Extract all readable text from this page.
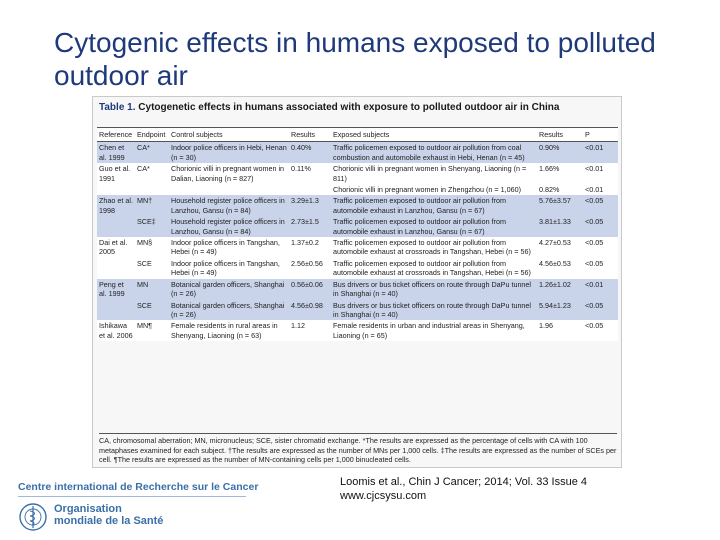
Cytogenic effects in humans exposed to polluted
outdoor air
Table 1. Cytogenetic effects in humans associated with exposure to polluted outdoor air in China
Reference	Endpoint	Control subjects	Results	Exposed subjects	Results	P
Chen et al. 1999	CA*	Indoor police officers in Hebi, Henan (n = 30)	0.40%	Traffic policemen exposed to outdoor air pollution from coal combustion and automobile exhaust in Hebi, Henan (n = 45)	0.90%	<0.01
Guo et al. 1991	CA*	Chorionic villi in pregnant women in Dalian, Liaoning (n = 827)	0.11%	Chorionic villi in pregnant women in Shenyang, Liaoning (n = 811)	1.66%	<0.01
				Chorionic villi in pregnant women in Zhengzhou (n = 1,060)	0.82%	<0.01
Zhao et al. 1998	MN†	Household register police officers in Lanzhou, Gansu (n = 84)	3.29±1.3	Traffic policemen exposed to outdoor air pollution from automobile exhaust in Lanzhou, Gansu (n = 67)	5.76±3.57	<0.05
	SCE‡	Household register police officers in Lanzhou, Gansu (n = 84)	2.73±1.5	Traffic policemen exposed to outdoor air pollution from automobile exhaust in Lanzhou, Gansu (n = 67)	3.81±1.33	<0.05
Dai et al. 2005	MN§	Indoor police officers in Tangshan, Hebei (n = 49)	1.37±0.2	Traffic policemen exposed to outdoor air pollution from automobile exhaust at crossroads in Tangshan, Hebei (n = 56)	4.27±0.53	<0.05
	SCE	Indoor police officers in Tangshan, Hebei (n = 49)	2.56±0.56	Traffic policemen exposed to outdoor air pollution from automobile exhaust at crossroads in Tangshan, Hebei (n = 56)	4.56±0.53	<0.05
Peng et al. 1999	MN	Botanical garden officers, Shanghai (n = 26)	0.56±0.06	Bus drivers or bus ticket officers on route through DaPu tunnel in Shanghai (n = 40)	1.26±1.02	<0.01
	SCE	Botanical garden officers, Shanghai (n = 26)	4.56±0.98	Bus drivers or bus ticket officers on route through DaPu tunnel in Shanghai (n = 40)	5.94±1.23	<0.05
Ishikawa et al. 2006	MN¶	Female residents in rural areas in Shenyang, Liaoning (n = 63)	1.12	Female residents in urban and industrial areas in Shenyang, Liaoning (n = 65)	1.96	<0.05
CA, chromosomal aberration; MN, micronucleus; SCE, sister chromatid exchange. *The results are expressed as the percentage of cells with CA with 100 metaphases examined for each subject. †The results are expressed as the number of MNs per 1,000 cells. ‡The results are expressed as the number of SCEs per cell. ¶The results are expressed as the number of MN-containing cells per 1,000 binucleated cells.
Centre international de Recherche sur le Cancer
Organisation
mondiale de la Santé
Loomis et al., Chin J Cancer; 2014; Vol. 33 Issue 4
www.cjcsysu.com
